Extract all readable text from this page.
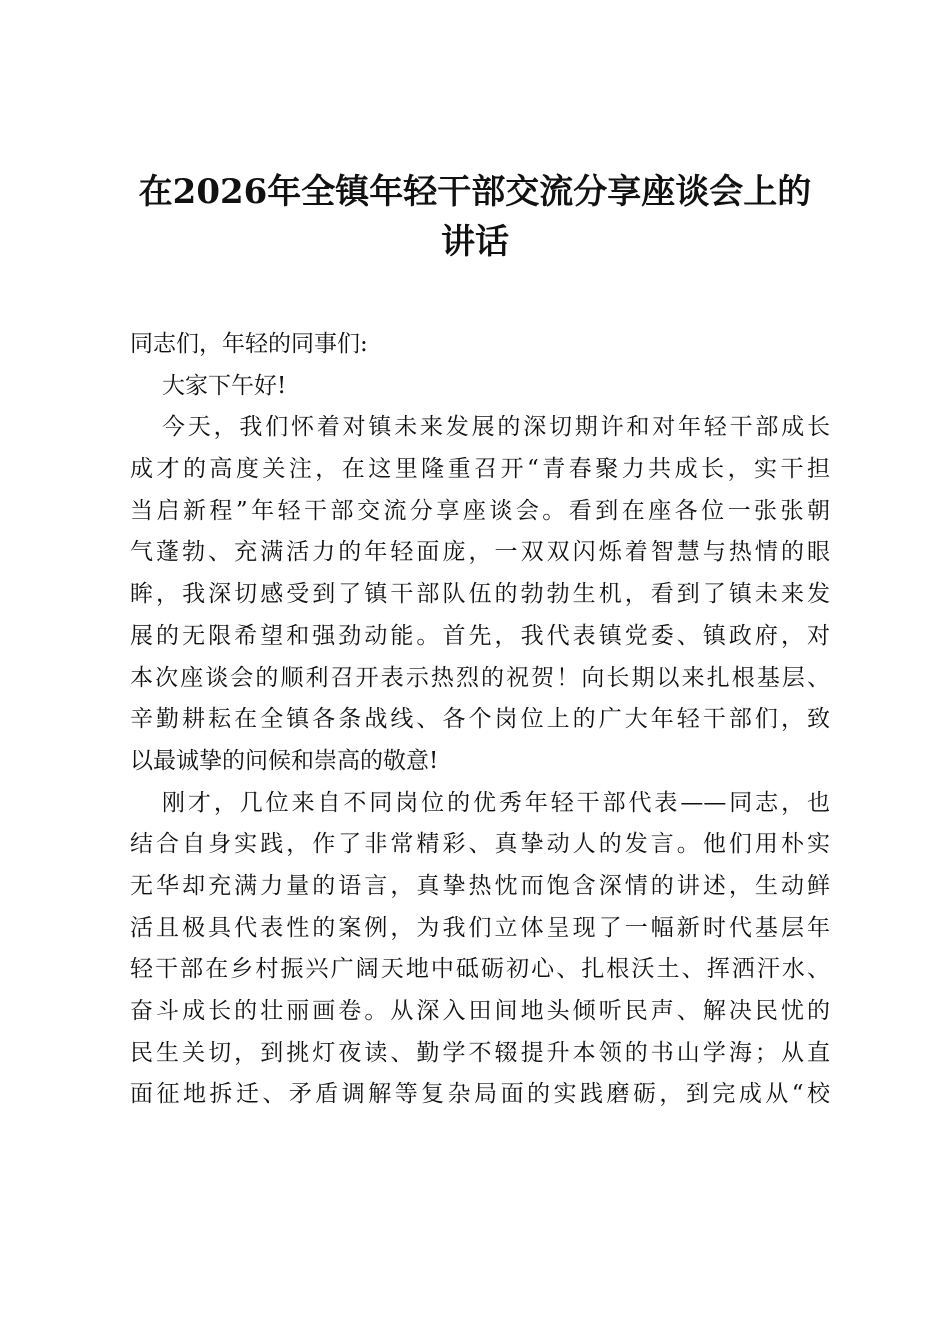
在2026年全镇年轻干部交流分享座谈会上的
讲话
同志们，年轻的同事们:
大家下午好!
今天，我们怀着对镇未来发展的深切期许和对年轻干部成长
成才的高度关注，在这里隆重召开“青春聚力共成长，实干担
当启新程”年轻干部交流分享座谈会。看到在座各位一张张朝
气蓬勃、充满活力的年轻面庞，一双双闪烁着智慧与热情的眼
眸，我深切感受到了镇干部队伍的勃勃生机，看到了镇未来发
展的无限希望和强劲动能。首先，我代表镇党委、镇政府，对
本次座谈会的顺利召开表示热烈的祝贺！向长期以来扎根基层、
辛勤耕耘在全镇各条战线、各个岗位上的广大年轻干部们，致
以最诚挚的问候和崇高的敬意!
刚才，几位来自不同岗位的优秀年轻干部代表——同志，也
结合自身实践，作了非常精彩、真挚动人的发言。他们用朴实
无华却充满力量的语言，真挚热忱而饱含深情的讲述，生动鲜
活且极具代表性的案例，为我们立体呈现了一幅新时代基层年
轻干部在乡村振兴广阔天地中砥砺初心、扎根沃土、挥洒汗水、
奋斗成长的壮丽画卷。从深入田间地头倾听民声、解决民忧的
民生关切，到挑灯夜读、勤学不辍提升本领的书山学海；从直
面征地拆迁、矛盾调解等复杂局面的实践磨砺，到完成从“校
